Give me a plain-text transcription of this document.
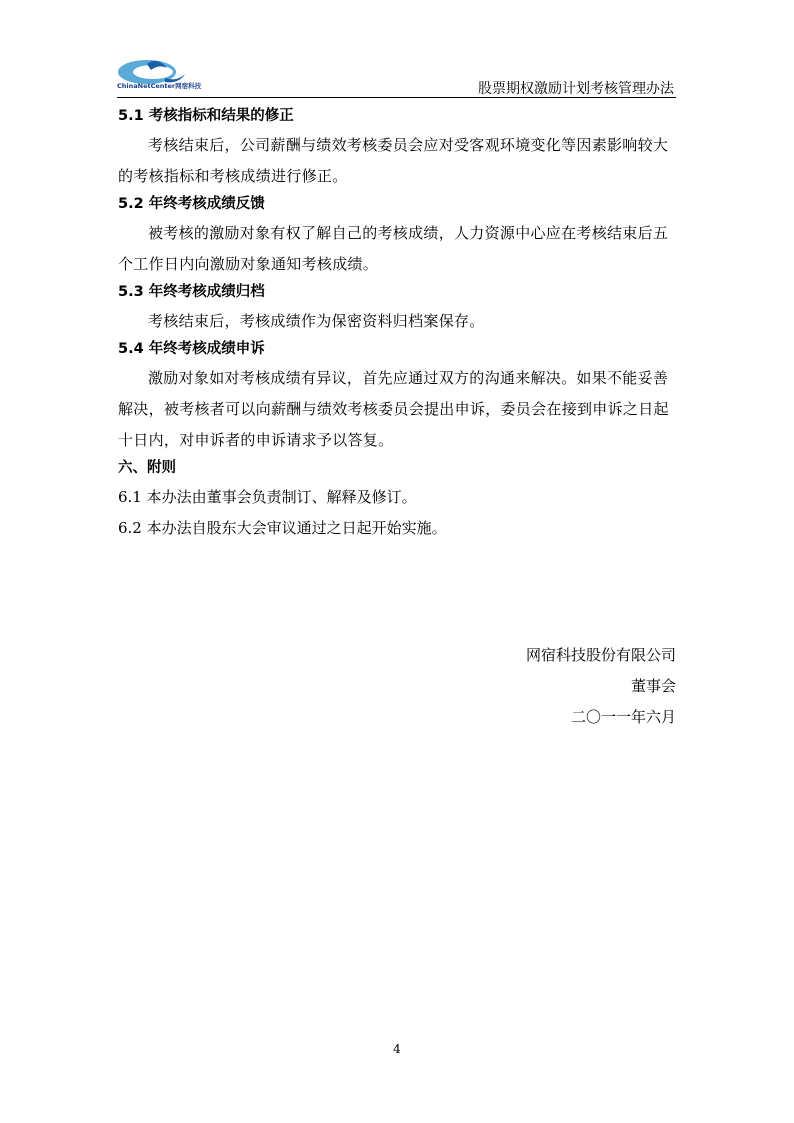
ChinaNetCenter网宿科技	股票期权激励计划考核管理办法
5.1 考核指标和结果的修正
考核结束后，公司薪酬与绩效考核委员会应对受客观环境变化等因素影响较大的考核指标和考核成绩进行修正。
5.2 年终考核成绩反馈
被考核的激励对象有权了解自己的考核成绩，人力资源中心应在考核结束后五个工作日内向激励对象通知考核成绩。
5.3 年终考核成绩归档
考核结束后，考核成绩作为保密资料归档案保存。
5.4 年终考核成绩申诉
激励对象如对考核成绩有异议，首先应通过双方的沟通来解决。如果不能妥善解决，被考核者可以向薪酬与绩效考核委员会提出申诉，委员会在接到申诉之日起十日内，对申诉者的申诉请求予以答复。
六、附则
6.1 本办法由董事会负责制订、解释及修订。
6.2 本办法自股东大会审议通过之日起开始实施。
网宿科技股份有限公司
董事会
二〇一一年六月
4
